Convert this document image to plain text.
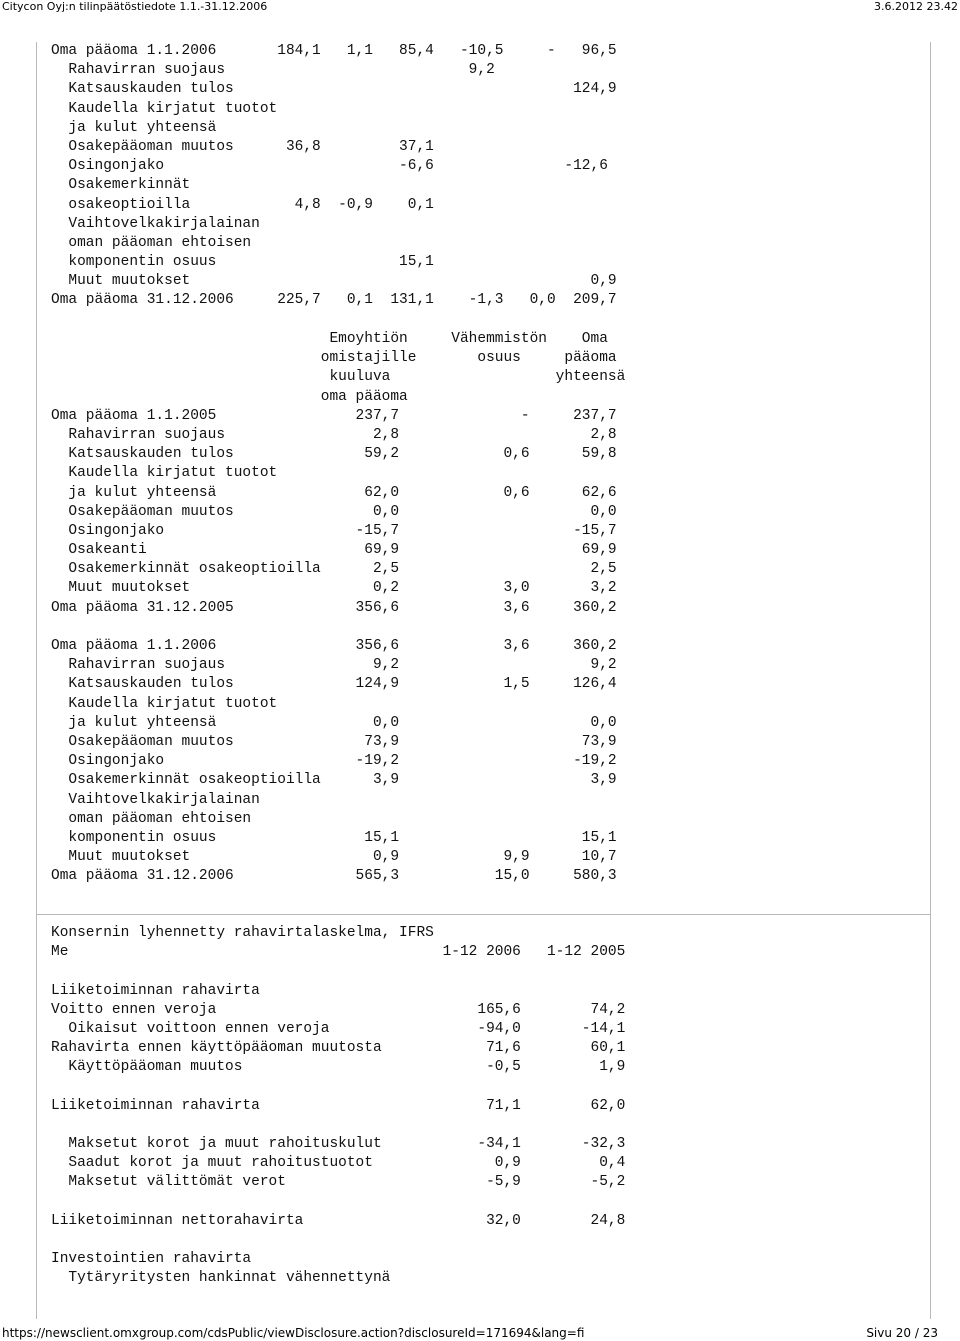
Citycon Oyj:n tilinpäätöstiedote 1.1.-31.12.2006	3.6.2012 23.42
Oma pääoma 1.1.2006       184,1   1,1   85,4   -10,5     -   96,5
Rahavirran suojaus                            9,2
Katsauskauden tulos                                       124,9
Kaudella kirjatut tuotot
ja kulut yhteensä
Osakepääoman muutos      36,8         37,1
Osingonjako                           -6,6               -12,6
Osakemerkinnät
osakeoptioilla            4,8  -0,9    0,1
Vaihtovelkakirjalainan
oman pääoman ehtoisen
komponentin osuus                     15,1
Muut muutokset                                              0,9
Oma pääoma 31.12.2006     225,7   0,1  131,1    -1,3   0,0  209,7
Emoyhtiön     Vähemmistön    Oma
omistajille       osuus     pääoma
kuuluva                   yhteensä
oma pääoma
Oma pääoma 1.1.2005                237,7              -     237,7
Rahavirran suojaus                 2,8                      2,8
Katsauskauden tulos               59,2            0,6      59,8
Kaudella kirjatut tuotot
ja kulut yhteensä                 62,0            0,6      62,6
Osakepääoman muutos                0,0                      0,0
Osingonjako                      -15,7                    -15,7
Osakeanti                         69,9                     69,9
Osakemerkinnät osakeoptioilla      2,5                      2,5
Muut muutokset                     0,2            3,0       3,2
Oma pääoma 31.12.2005              356,6            3,6     360,2
Oma pääoma 1.1.2006                356,6            3,6     360,2
Rahavirran suojaus                 9,2                      9,2
Katsauskauden tulos              124,9            1,5     126,4
Kaudella kirjatut tuotot
ja kulut yhteensä                  0,0                      0,0
Osakepääoman muutos               73,9                     73,9
Osingonjako                      -19,2                    -19,2
Osakemerkinnät osakeoptioilla      3,9                      3,9
Vaihtovelkakirjalainan
oman pääoman ehtoisen
komponentin osuus                 15,1                     15,1
Muut muutokset                     0,9            9,9      10,7
Oma pääoma 31.12.2006              565,3           15,0     580,3
Konsernin lyhennetty rahavirtalaskelma, IFRS
Me                                           1-12 2006   1-12 2005
Liiketoiminnan rahavirta
Voitto ennen veroja                              165,6        74,2
Oikaisut voittoon ennen veroja                 -94,0       -14,1
Rahavirta ennen käyttöpääoman muutosta            71,6        60,1
Käyttöpääoman muutos                            -0,5         1,9
Liiketoiminnan rahavirta                          71,1        62,0
Maksetut korot ja muut rahoituskulut           -34,1       -32,3
Saadut korot ja muut rahoitustuotot              0,9         0,4
Maksetut välittömät verot                       -5,9        -5,2
Liiketoiminnan nettorahavirta                     32,0        24,8
Investointien rahavirta
Tytäryritysten hankinnat vähennettynä
https://newsclient.omxgroup.com/cdsPublic/viewDisclosure.action?disclosureId=171694&lang=fi	Sivu 20 / 23
